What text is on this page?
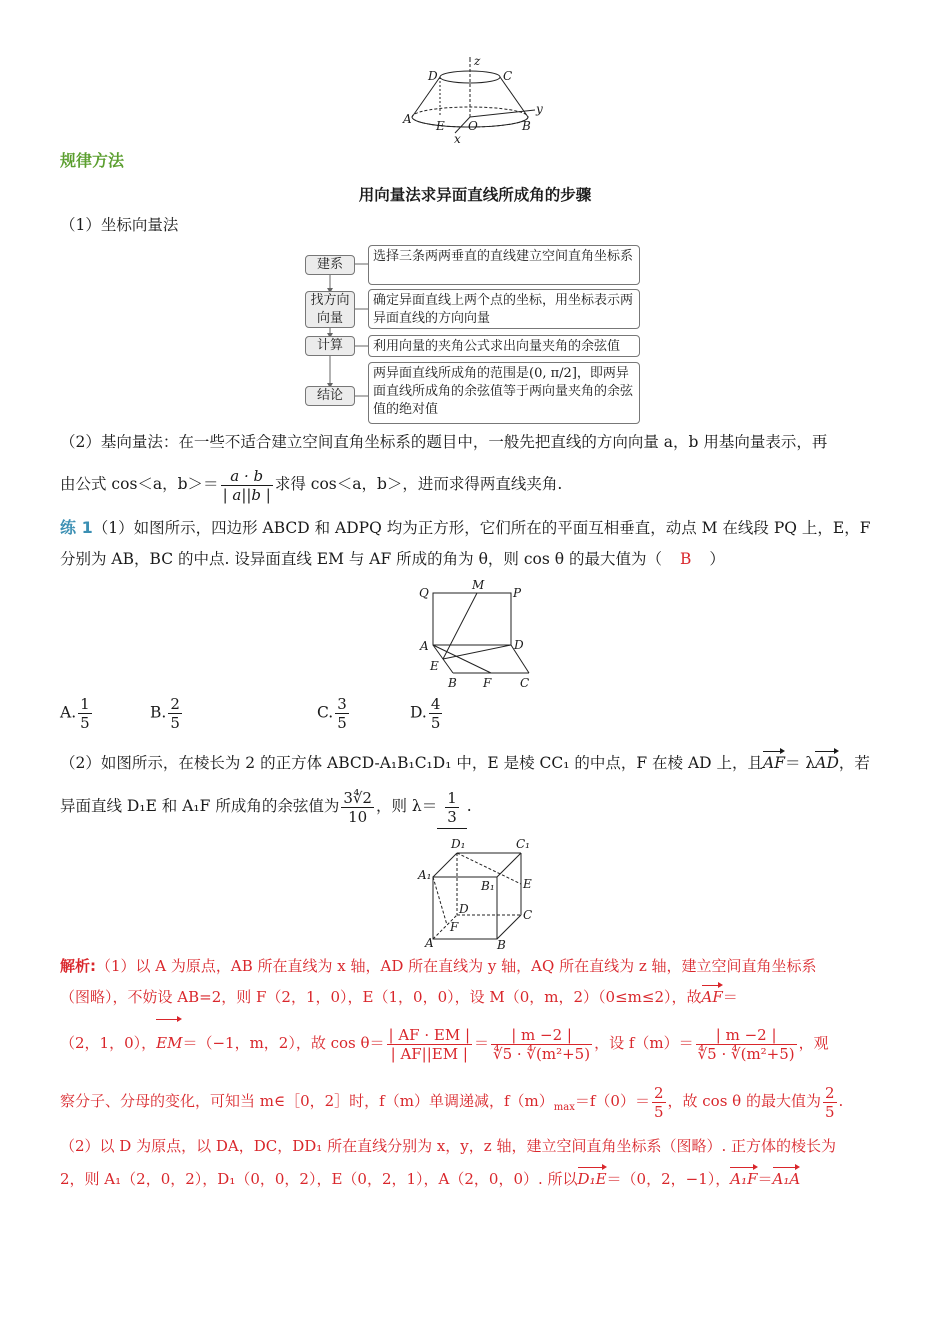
D	C
z
y
A E O	B
x
规律方法
用向量法求异面直线所成角的步骤
（1）坐标向量法
建系
选择三条两两垂直的直线建立空间直角坐标系
找方向向量
确定异面直线上两个点的坐标，用坐标表示两异面直线的方向向量
计算	利用向量的夹角公式求出向量夹角的余弦值
结论
两异面直线所成角的范围是(0, π/2]，即两异面直线所成角的余弦值等于两向量夹角的余弦值的绝对值
（2）基向量法：在一些不适合建立空间直角坐标系的题目中，一般先把直线的方向向量 a，b 用基向量表示，再
由公式 cos＜a，$b>= \frac{a \cdot b}{| a||b |}$ 求得 cos＜a，b＞，进而求得两直线夹角.
练 1（1）如图所示，四边形 ABCD 和 ADPQ 均为正方形，它们所在的平面互相垂直，动点 M 在线段 PQ 上，E，F
分别为 AB，BC 的中点. 设异面直线 EM 与 AF 所成的角为 θ，则 cos θ 的最大值为（ B ）
Q
M
P
A	D
E
B F C
A. $\frac{1}{5}$	B. $\frac{2}{5}$	C. $\frac{3}{5}$	D. $\frac{4}{5}$
（2）如图所示，在棱长为 2 的正方体 ABCD-A₁B₁C₁D₁ 中，E 是棱 CC₁ 的中点，F 在棱 AD 上，且AF＝ λAD，若
异面直线 D₁E 和 A₁F 所成角的余弦值为 $\frac{3∜2}{10}$ ，则 $\lambda= \frac{1}{3}$ .
D₁	C₁
A₁
B₁ E
D	C
F
A	B
解析:（1）以 A 为原点，AB 所在直线为 x 轴，AD 所在直线为 y 轴，AQ 所在直线为 z 轴，建立空间直角坐标系
（图略），不妨设 AB=2，则 F（2，1，0），E（1，0，0），设 M（0，m，2）（0≤m≤2），故AF＝
（2，1，0），EM＝（−1，m，2），故 $\cos \theta= \frac{| AF \cdot EM |}{| AF||EM |} = \frac{| m -2 |}{\text{∜5 · ∜(m²+5)}}$ ，设 $f(m)= \frac{| m -2 |}{\text{∜5 · ∜(m²+5)}}$ ，观
察分子、分母的变化，可知当 m∈［0，2］时，f（m）单调递减，$f(m)_{max}=f(0)= \frac{2}{5}$ ，故 cos θ 的最大值为 $\frac{2}{5}$ .
（2）以 D 为原点，以 DA，DC，DD₁ 所在直线分别为 x，y，z 轴，建立空间直角坐标系（图略）. 正方体的棱长为
2，则 A₁（2，0，2），D₁（0，0，2），E（0，2，1），A（2，0，0）. 所以D₁E＝（0，2，−1），A₁F＝A₁A
